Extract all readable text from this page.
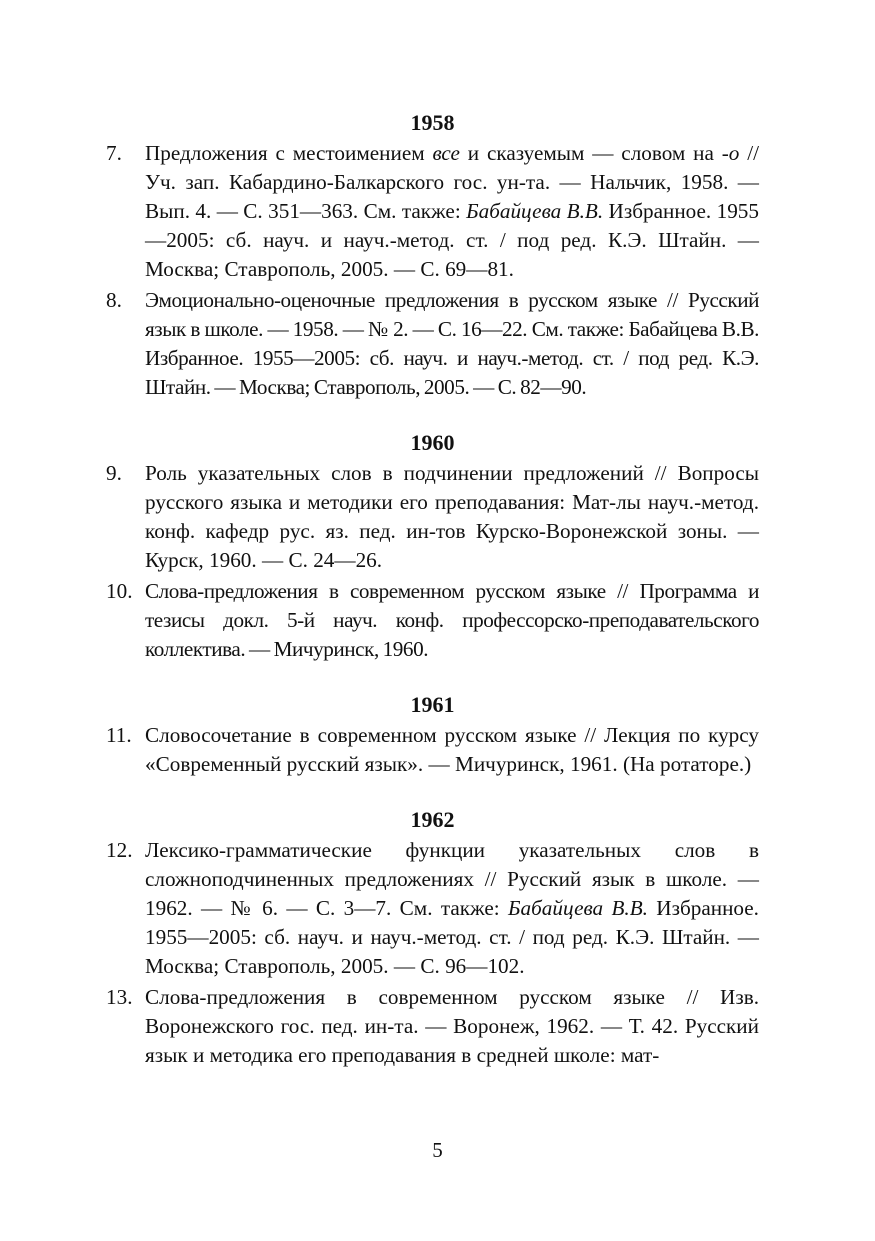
1958
7.	Предложения с местоимением все и сказуемым — словом на -о // Уч. зап. Кабардино-Балкарского гос. ун-та. — Нальчик, 1958. — Вып. 4. — С. 351—363. См. также: Бабайцева В.В. Избранное. 1955—2005: сб. науч. и науч.-метод. ст. / под ред. К.Э. Штайн. — Москва; Ставрополь, 2005. — С. 69—81.
8.	Эмоционально-оценочные предложения в русском языке // Русский язык в школе. — 1958. — № 2. — С. 16—22. См. также: Бабайцева В.В. Избранное. 1955—2005: сб. науч. и науч.-метод. ст. / под ред. К.Э. Штайн. — Москва; Ставрополь, 2005. — С. 82—90.
1960
9.	Роль указательных слов в подчинении предложений // Вопросы русского языка и методики его преподавания: Мат-лы науч.-метод. конф. кафедр рус. яз. пед. ин-тов Курско-Воронежской зоны. — Курск, 1960. — С. 24—26.
10. Слова-предложения в современном русском языке // Программа и тезисы докл. 5-й науч. конф. профессорско-преподавательского коллектива. — Мичуринск, 1960.
1961
11. Словосочетание в современном русском языке // Лекция по курсу «Современный русский язык». — Мичуринск, 1961. (На ротаторе.)
1962
12. Лексико-грамматические функции указательных слов в сложноподчиненных предложениях // Русский язык в школе. — 1962. — № 6. — С. 3—7. См. также: Бабайцева В.В. Избранное. 1955—2005: сб. науч. и науч.-метод. ст. / под ред. К.Э. Штайн. — Москва; Ставрополь, 2005. — С. 96—102.
13. Слова-предложения в современном русском языке // Изв. Воронежского гос. пед. ин-та. — Воронеж, 1962. — Т. 42. Русский язык и методика его преподавания в средней школе: мат-
5
